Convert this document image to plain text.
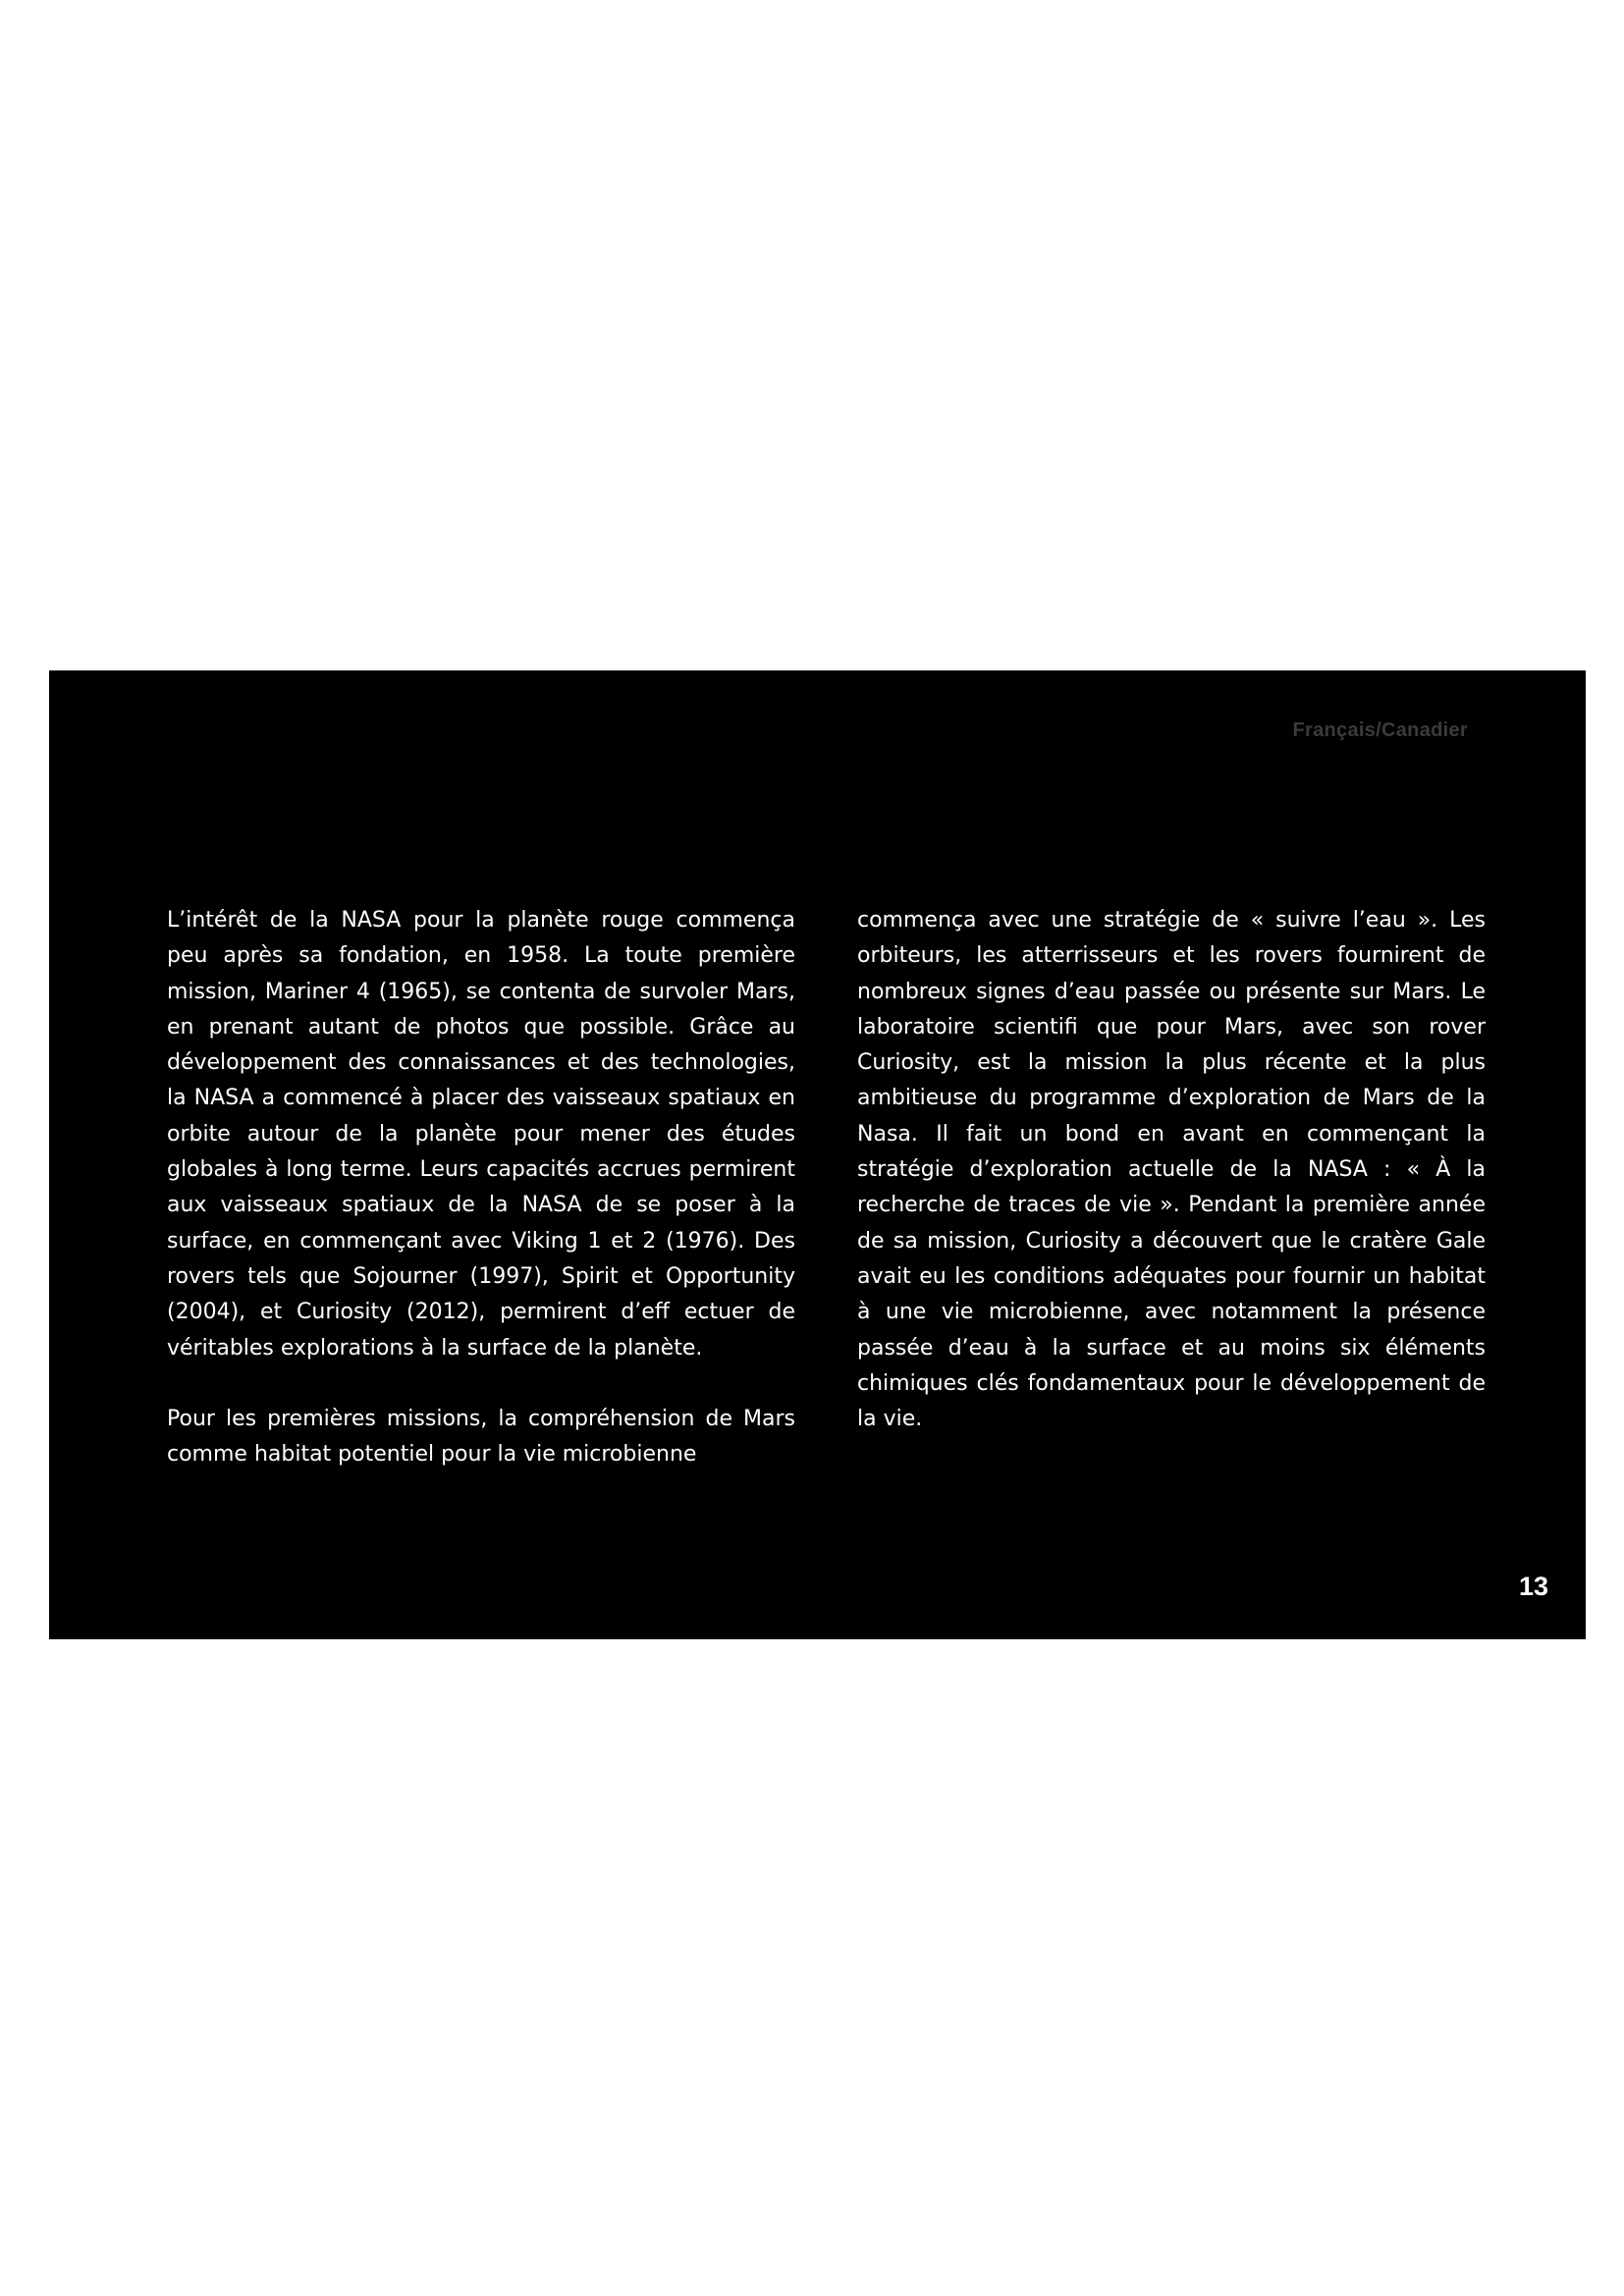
Français/Canadier

L’intérêt de la NASA pour la planète rouge commença peu après sa fondation, en 1958. La toute première mission, Mariner 4 (1965), se contenta de survoler Mars, en prenant autant de photos que possible. Grâce au développement des connaissances et des technologies, la NASA a commencé à placer des vaisseaux spatiaux en orbite autour de la planète pour mener des études globales à long terme. Leurs capacités accrues permirent aux vaisseaux spatiaux de la NASA de se poser à la surface, en commençant avec Viking 1 et 2 (1976). Des rovers tels que Sojourner (1997), Spirit et Opportunity (2004), et Curiosity (2012), permirent d’eff ectuer de véritables explorations à la surface de la planète.

Pour les premières missions, la compréhension de Mars comme habitat potentiel pour la vie microbienne

commença avec une stratégie de « suivre l’eau ». Les orbiteurs, les atterrisseurs et les rovers fournirent de nombreux signes d’eau passée ou présente sur Mars. Le laboratoire scientifi que pour Mars, avec son rover Curiosity, est la mission la plus récente et la plus ambitieuse du programme d’exploration de Mars de la Nasa. Il fait un bond en avant en commençant la stratégie d’exploration actuelle de la NASA : « À la recherche de traces de vie ». Pendant la première année de sa mission, Curiosity a découvert que le cratère Gale avait eu les conditions adéquates pour fournir un habitat à une vie microbienne, avec notamment la présence passée d’eau à la surface et au moins six éléments chimiques clés fondamentaux pour le développement de la vie.

13
